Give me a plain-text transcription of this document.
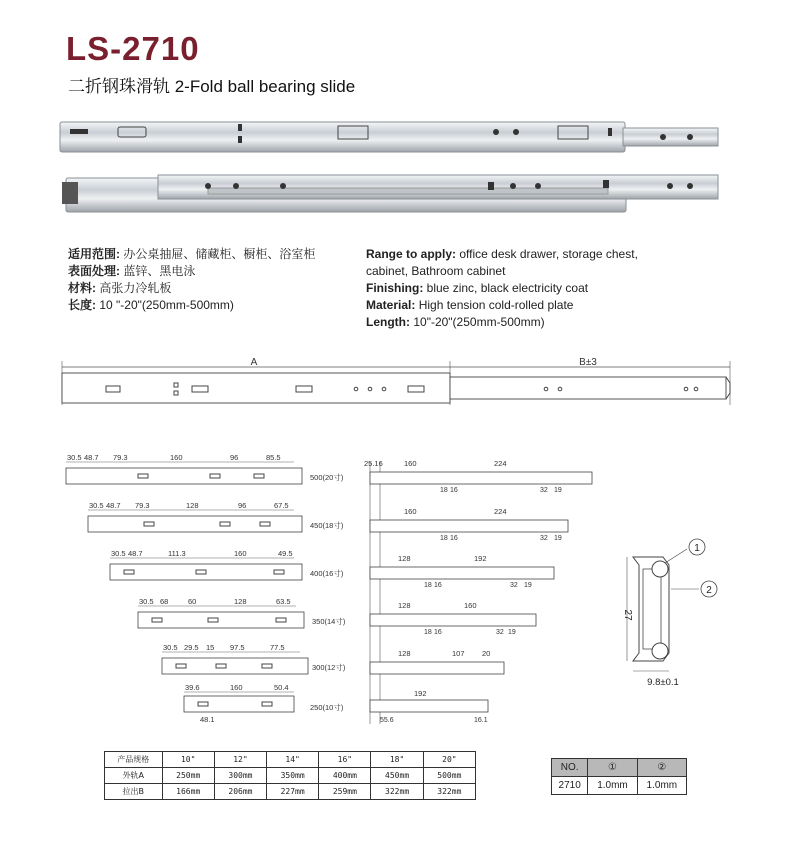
LS-2710
二折钢珠滑轨 2-Fold ball bearing slide
适用范围: 办公桌抽屉、储藏柜、橱柜、浴室柜
表面处理: 蓝锌、黑电泳
材料: 高张力冷轧板
长度: 10 "-20"(250mm-500mm)
Range to apply: office desk drawer, storage chest,
cabinet, Bathroom cabinet
Finishing: blue zinc, black electricity coat
Material: High tension cold-rolled plate
Length: 10"-20"(250mm-500mm)
A	B±3
30.5 48.7 79.3	160	96	85.5
500(20寸)
30.5 48.7 79.3	128	96	67.5
450(18寸)
30.5 48.7	111.3	160	49.5
400(16寸)
30.5 68	60	128	63.5
350(14寸)
30.5 29.5 15 97.5	77.5
300(12寸)
39.6	160	50.4
48.1
250(10寸)
25.16	160	224
18 16	32 19
160	224
18 16	32 19
128	192
18 16	32 19
128	160
18 16	32 19
128	107 20
192
55.6	16.1
1
2
27
9.8±0.1
产品规格	10"	12"	14"	16"	18"	20"
外轨A	250mm	300mm	350mm	400mm	450mm	500mm
拉出B	166mm	206mm	227mm	259mm	322mm	322mm
NO.	①	②
2710	1.0mm	1.0mm
